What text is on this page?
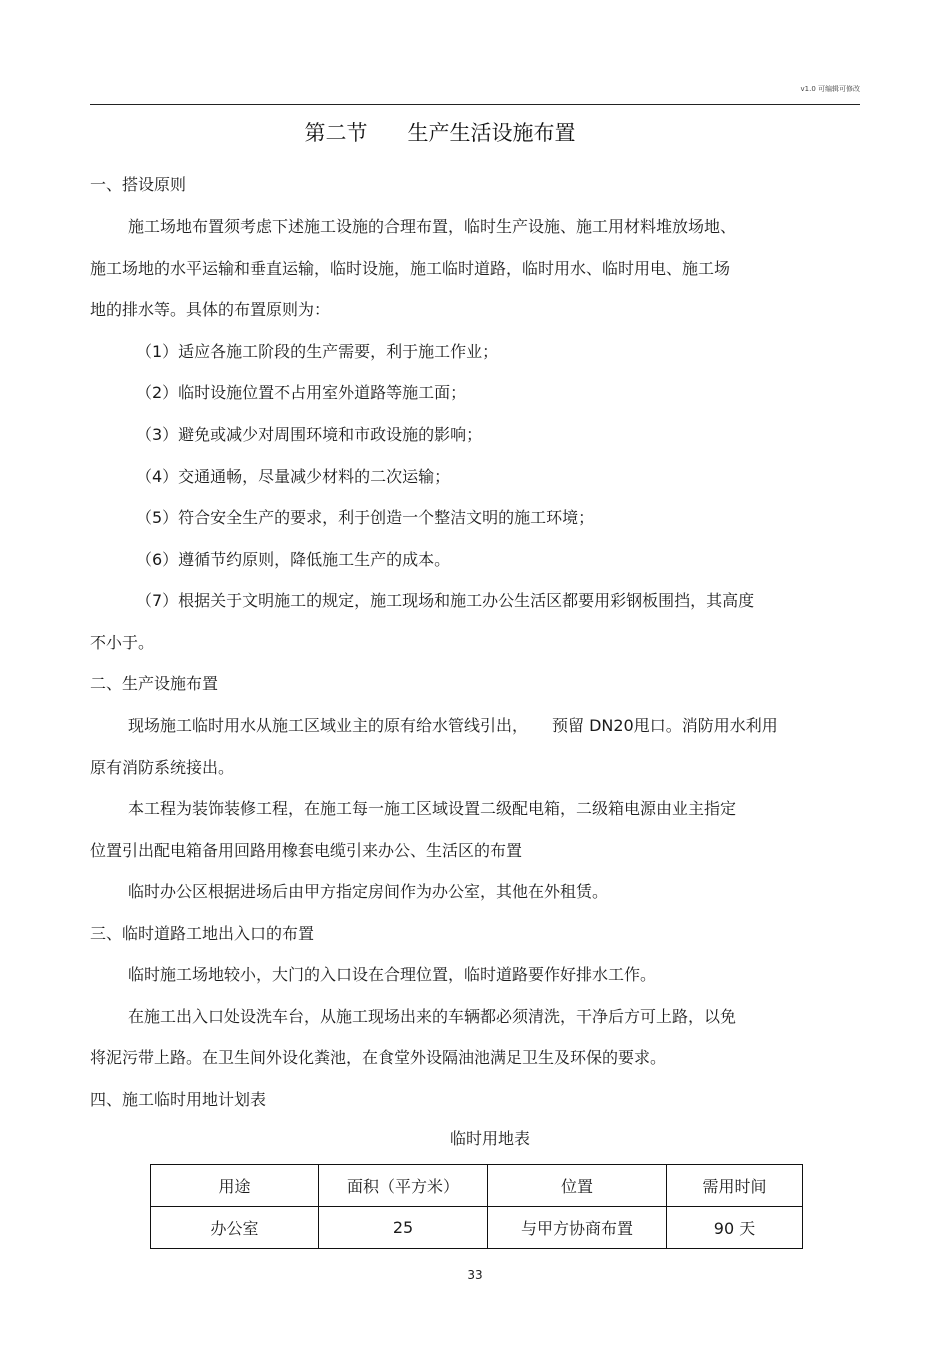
v1.0 可编辑可修改
第二节 生产生活设施布置
一、搭设原则
施工场地布置须考虑下述施工设施的合理布置，临时生产设施、施工用材料堆放场地、
施工场地的水平运输和垂直运输，临时设施，施工临时道路，临时用水、临时用电、施工场
地的排水等。具体的布置原则为：
（1）适应各施工阶段的生产需要，利于施工作业；
（2）临时设施位置不占用室外道路等施工面；
（3）避免或减少对周围环境和市政设施的影响；
（4）交通通畅，尽量减少材料的二次运输；
（5）符合安全生产的要求，利于创造一个整洁文明的施工环境；
（6）遵循节约原则，降低施工生产的成本。
（7）根据关于文明施工的规定，施工现场和施工办公生活区都要用彩钢板围挡，其高度
不小于。
二、生产设施布置
现场施工临时用水从施工区域业主的原有给水管线引出，　　预留 DN20甩口。消防用水利用
原有消防系统接出。
本工程为装饰装修工程，在施工每一施工区域设置二级配电箱，二级箱电源由业主指定
位置引出配电箱备用回路用橡套电缆引来办公、生活区的布置
临时办公区根据进场后由甲方指定房间作为办公室，其他在外租赁。
三、临时道路工地出入口的布置
临时施工场地较小，大门的入口设在合理位置，临时道路要作好排水工作。
在施工出入口处设洗车台，从施工现场出来的车辆都必须清洗，干净后方可上路，以免
将泥污带上路。在卫生间外设化粪池，在食堂外设隔油池满足卫生及环保的要求。
四、施工临时用地计划表
临时用地表
用途	面积（平方米）	位置	需用时间
办公室	25	与甲方协商布置	90 天
33
